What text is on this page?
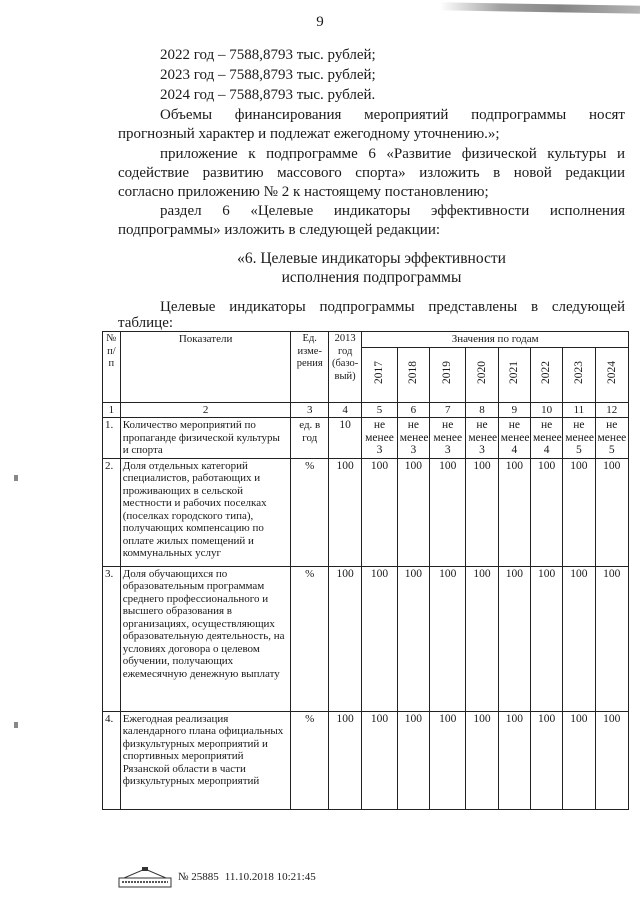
9
2022 год – 7588,8793 тыс. рублей;
2023 год – 7588,8793 тыс. рублей;
2024 год – 7588,8793 тыс. рублей.
Объемы финансирования мероприятий подпрограммы носят
прогнозный характер и подлежат ежегодному уточнению.»;
приложение к подпрограмме 6 «Развитие физической культуры и
содействие развитию массового спорта» изложить в новой редакции
согласно приложению № 2 к настоящему постановлению;
раздел 6 «Целевые индикаторы эффективности исполнения
подпрограммы» изложить в следующей редакции:
«6. Целевые индикаторы эффективности
исполнения подпрограммы
Целевые индикаторы подпрограммы представлены в следующей
таблице:
№ п/п	Показатели	Ед. изме-рения	2013 год (базо-вый)	Значения по годам							
				2017	2018	2019	2020	2021	2022	2023	2024
1	2	3	4	5	6	7	8	9	10	11	12
1.	Количество мероприятий по пропаганде физической культуры и спорта	ед. в год	10	не менее 3	не менее 3	не менее 3	не менее 3	не менее 4	не менее 4	не менее 5	не менее 5
2.	Доля отдельных категорий специалистов, работающих и проживающих в сельской местности и рабочих поселках (поселках городского типа), получающих компенсацию по оплате жилых помещений и коммунальных услуг	%	100	100	100	100	100	100	100	100	100
3.	Доля обучающихся по образовательным программам среднего профессионального и высшего образования в организациях, осуществляющих образовательную деятельность, на условиях договора о целевом обучении, получающих ежемесячную денежную выплату	%	100	100	100	100	100	100	100	100	100
4.	Ежегодная реализация календарного плана официальных физкультурных мероприятий и спортивных мероприятий Рязанской области в части физкультурных мероприятий	%	100	100	100	100	100	100	100	100	100
№ 25885 11.10.2018 10:21:45
